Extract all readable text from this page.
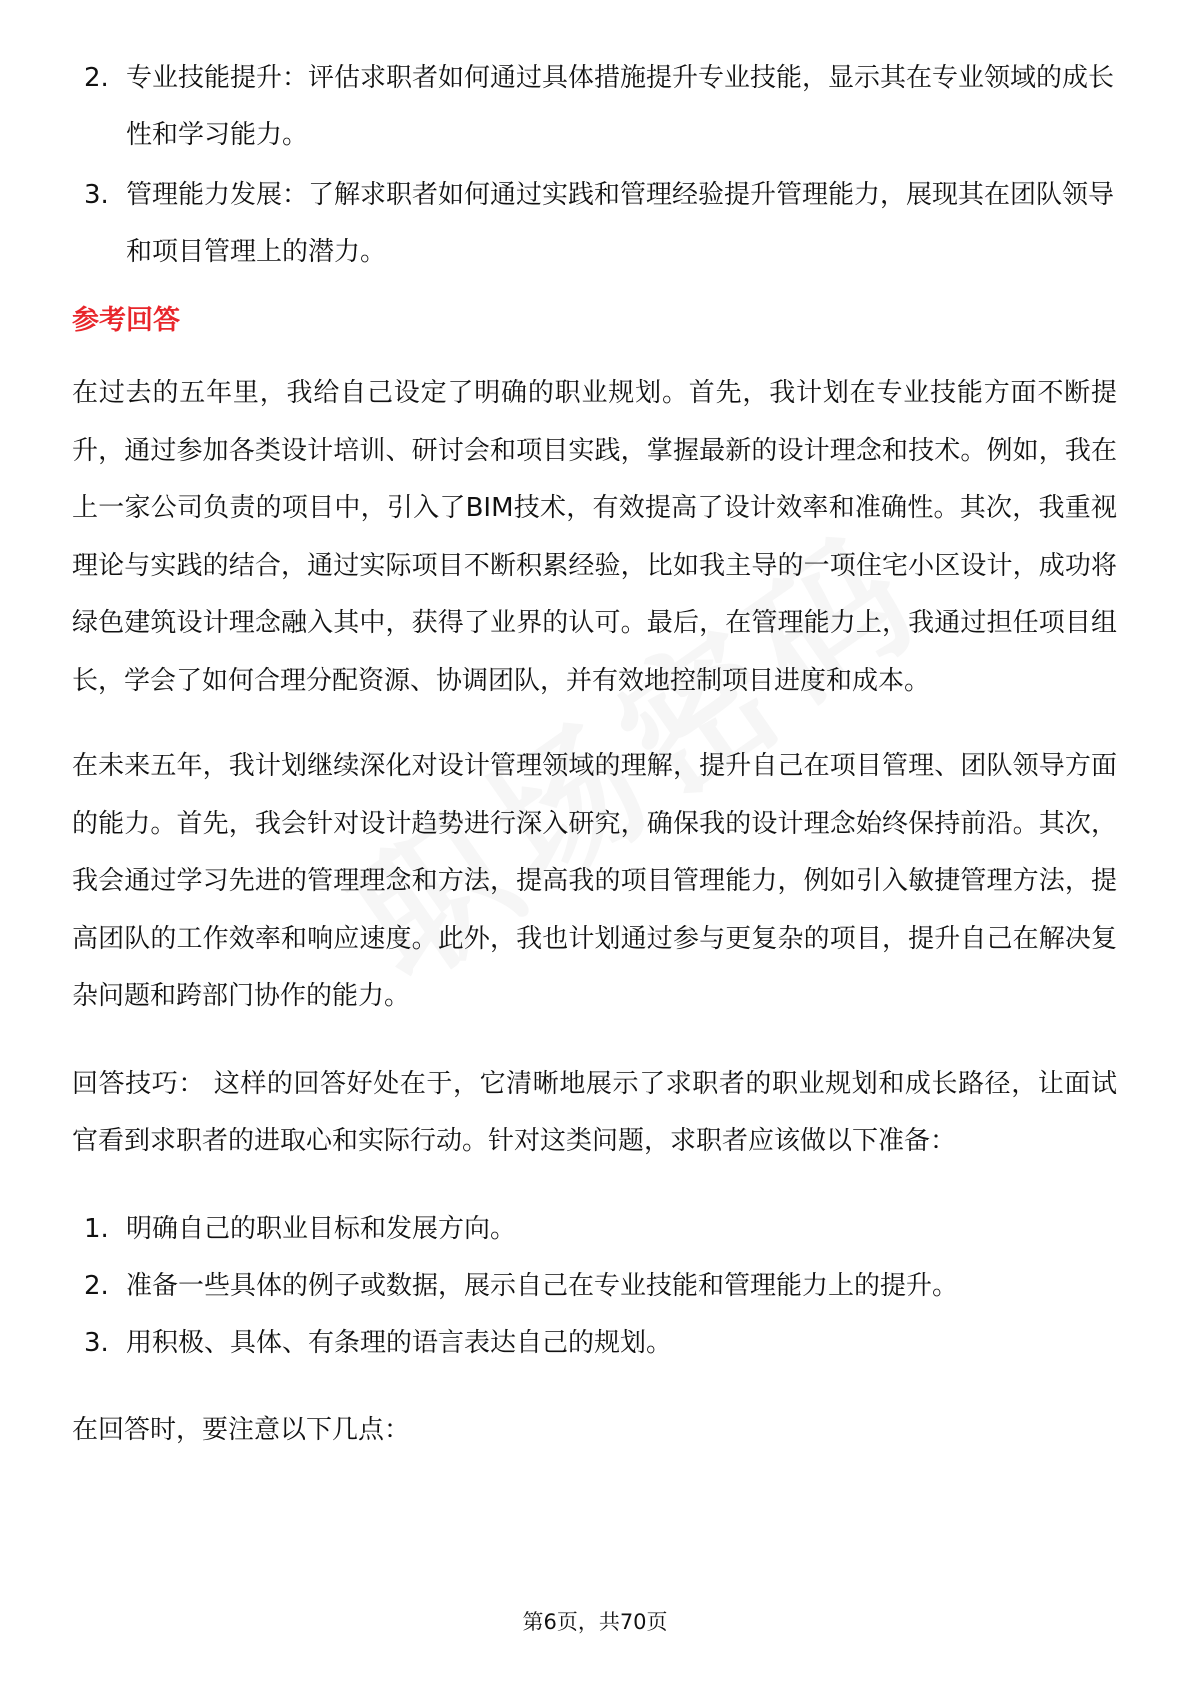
2. 专业技能提升：评估求职者如何通过具体措施提升专业技能，显示其在专业领域的成长性和学习能力。
3. 管理能力发展：了解求职者如何通过实践和管理经验提升管理能力，展现其在团队领导和项目管理上的潜力。
参考回答

在过去的五年里，我给自己设定了明确的职业规划。首先，我计划在专业技能方面不断提升，通过参加各类设计培训、研讨会和项目实践，掌握最新的设计理念和技术。例如，我在上一家公司负责的项目中，引入了BIM技术，有效提高了设计效率和准确性。其次，我重视理论与实践的结合，通过实际项目不断积累经验，比如我主导的一项住宅小区设计，成功将绿色建筑设计理念融入其中，获得了业界的认可。最后，在管理能力上，我通过担任项目组长，学会了如何合理分配资源、协调团队，并有效地控制项目进度和成本。

在未来五年，我计划继续深化对设计管理领域的理解，提升自己在项目管理、团队领导方面的能力。首先，我会针对设计趋势进行深入研究，确保我的设计理念始终保持前沿。其次，我会通过学习先进的管理理念和方法，提高我的项目管理能力，例如引入敏捷管理方法，提高团队的工作效率和响应速度。此外，我也计划通过参与更复杂的项目，提升自己在解决复杂问题和跨部门协作的能力。

回答技巧： 这样的回答好处在于，它清晰地展示了求职者的职业规划和成长路径，让面试官看到求职者的进取心和实际行动。针对这类问题，求职者应该做以下准备：

1. 明确自己的职业目标和发展方向。
2. 准备一些具体的例子或数据，展示自己在专业技能和管理能力上的提升。
3. 用积极、具体、有条理的语言表达自己的规划。
在回答时，要注意以下几点：
第6页，共70页
